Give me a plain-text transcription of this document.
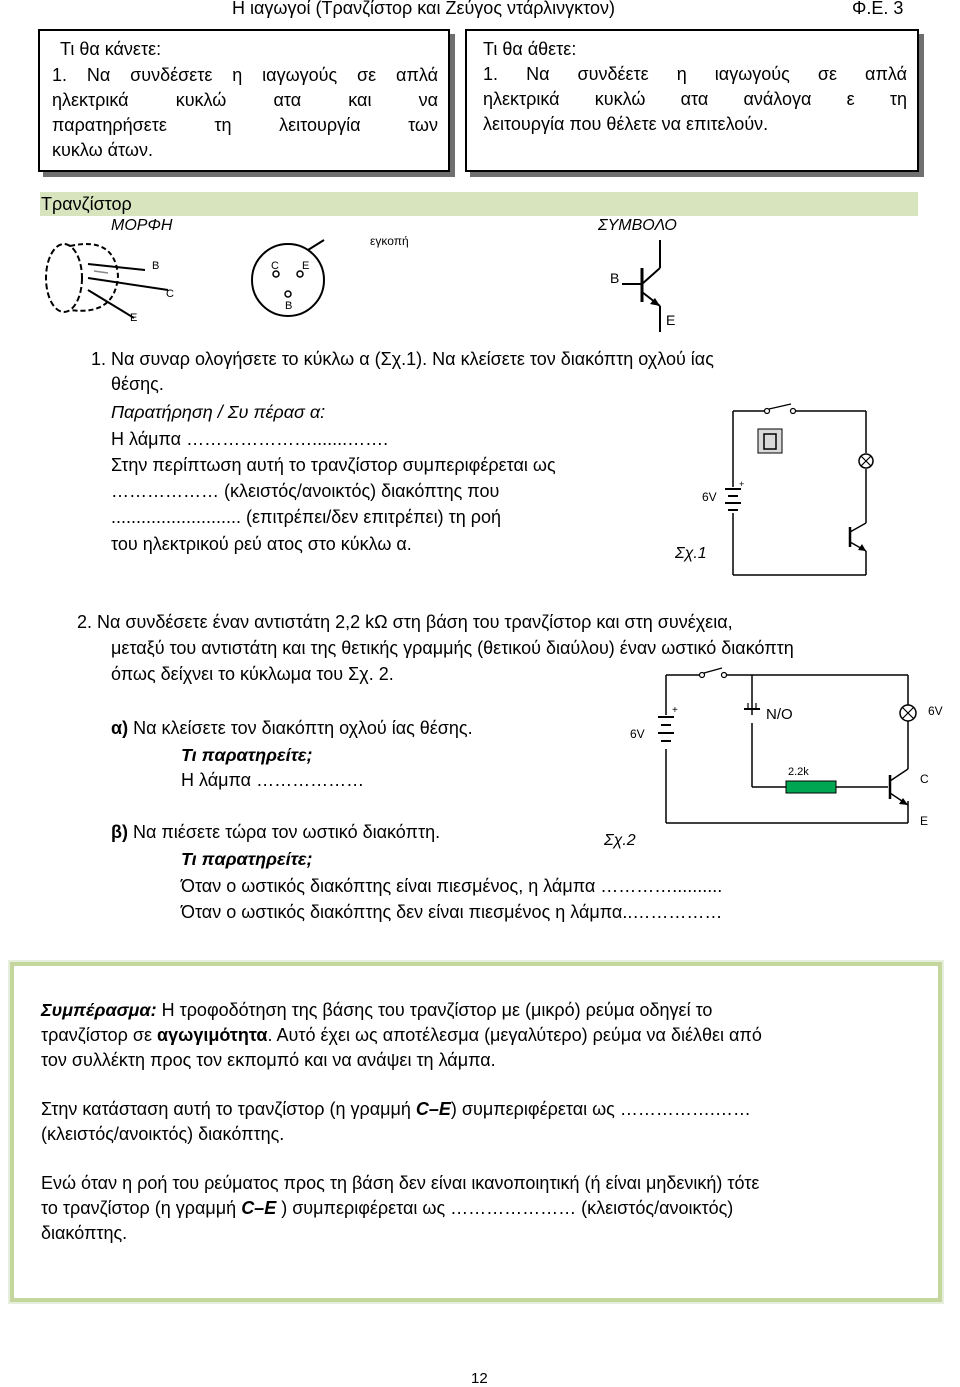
Η ιαγωγοί (Τρανζίστορ και Ζεύγος ντάρλινγκτον)	Φ.Ε. 3
Τι θα κάνετε:
1. Να συνδέσετε η ιαγωγούς σε απλά
ηλεκτρικά κυκλώ ατα και να
παρατηρήσετε τη λειτουργία των
κυκλω άτων.
Τι θα άθετε:
1. Να συνδέετε η ιαγωγούς σε απλά
ηλεκτρικά κυκλώ ατα ανάλογα ε τη
λειτουργία που θέλετε να επιτελούν.
Τρανζίστορ
ΜΟΡΦΗ	ΣΥΜΒΟΛΟ
B
C
E
εγκοπή
C E
B
B
E
1. Να συναρ ολογήσετε το κύκλω α (Σχ.1). Να κλείσετε τον διακόπτη οχλού ίας
θέσης.
Παρατήρηση / Συ πέρασ α:
Η λάμπα ………………….......…….
Στην περίπτωση αυτή το τρανζίστορ συμπεριφέρεται ως
……………… (κλειστός/ανοικτός) διακόπτης που
.......................... (επιτρέπει/δεν επιτρέπει) τη ροή
του ηλεκτρικού ρεύ ατος στο κύκλω α.
+
6V
Σχ.1
2. Να συνδέσετε έναν αντιστάτη 2,2 kΩ στη βάση του τρανζίστορ και στη συνέχεια,
μεταξύ του αντιστάτη και της θετικής γραμμής (θετικού διαύλου) έναν ωστικό διακόπτη
όπως δείχνει το κύκλωμα του Σχ. 2.
α) Να κλείσετε τον διακόπτη οχλού ίας θέσης.
Τι παρατηρείτε;
Η λάμπα ………………
β) Να πιέσετε τώρα τον ωστικό διακόπτη.
Τι παρατηρείτε;
Όταν ο ωστικός διακόπτης είναι πιεσμένος, η λάμπα …………..........
Όταν ο ωστικός διακόπτης δεν είναι πιεσμένος η λάμπα..……………
+
6V
6V
N/O
2.2k	C
E
Σχ.2
Συμπέρασμα: Η τροφοδότηση της βάσης του τρανζίστορ με (μικρό) ρεύμα οδηγεί το
τρανζίστορ σε αγωγιμότητα. Αυτό έχει ως αποτέλεσμα (μεγαλύτερο) ρεύμα να διέλθει από
τον συλλέκτη προς τον εκπομπό και να ανάψει τη λάμπα.
Στην κατάσταση αυτή το τρανζίστορ (η γραμμή C–E) συμπεριφέρεται ως …………….……
(κλειστός/ανοικτός) διακόπτης.
Ενώ όταν η ροή του ρεύματος προς τη βάση δεν είναι ικανοποιητική (ή είναι μηδενική) τότε
το τρανζίστορ (η γραμμή C–E ) συμπεριφέρεται ως ………………… (κλειστός/ανοικτός)
διακόπτης.
12
